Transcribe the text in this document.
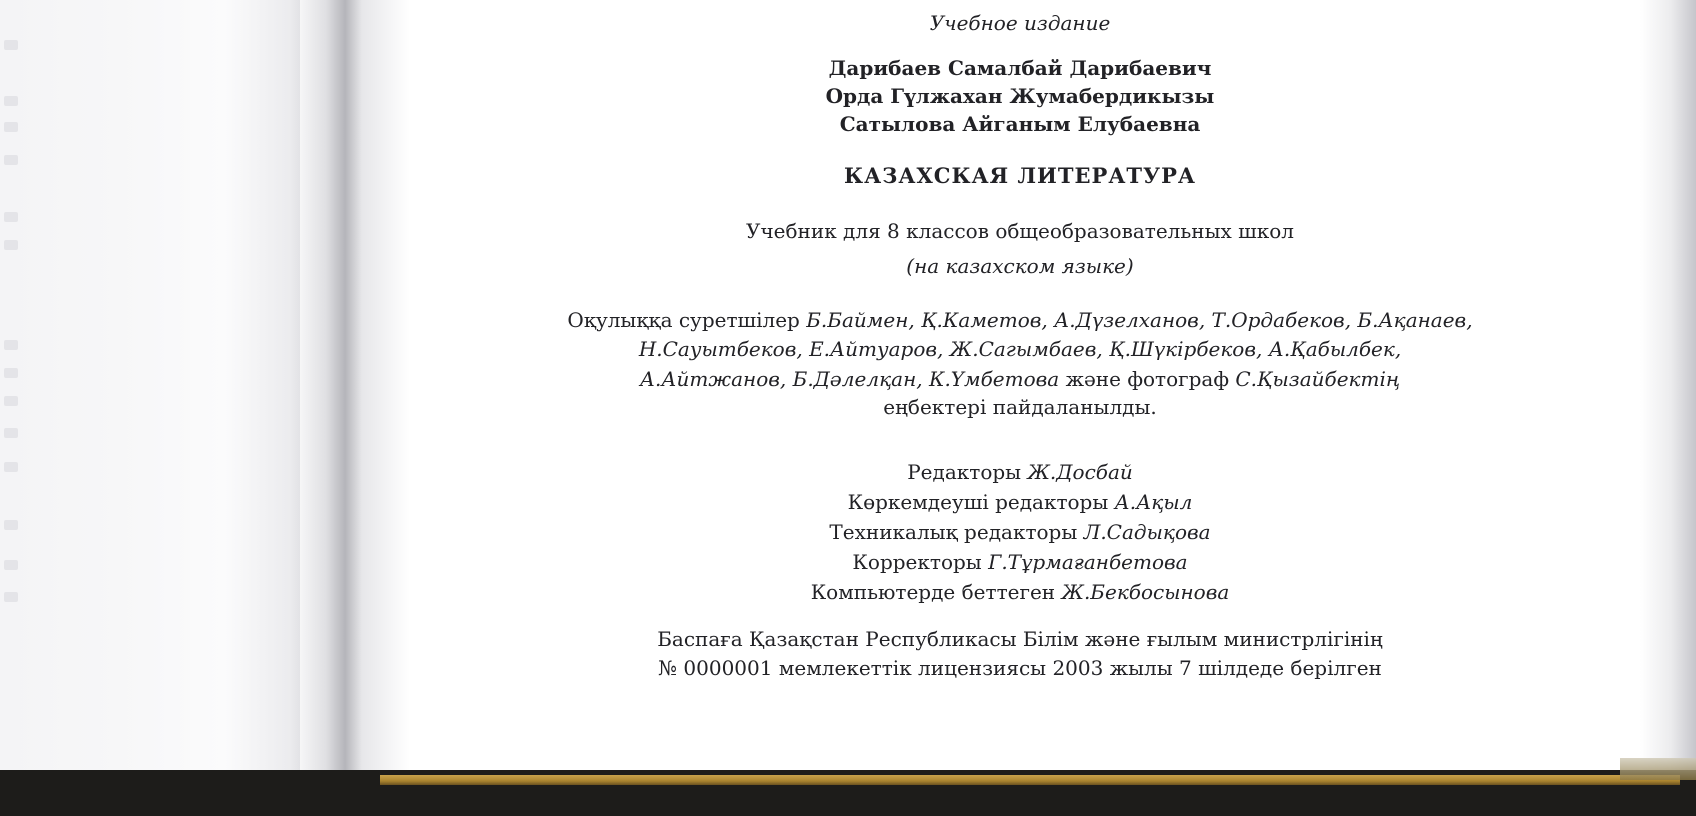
Учебное издание
Дарибаев Самалбай Дарибаевич
Орда Гүлжахан Жумабердикызы
Сатылова Айганым Елубаевна
КАЗАХСКАЯ ЛИТЕРАТУРА
Учебник для 8 классов общеобразовательных школ
(на казахском языке)
Оқулыққа суретшілер Б.Баймен, Қ.Каметов, А.Дүзелханов, Т.Ордабеков, Б.Ақанаев,
Н.Сауытбеков, Е.Айтуаров, Ж.Сагымбаев, Қ.Шүкірбеков, А.Қабылбек,
А.Айтжанов, Б.Дәлелқан, К.Үмбетова және фотограф С.Қызайбектің
еңбектері пайдаланылды.
Редакторы Ж.Досбай
Көркемдеуші редакторы А.Ақыл
Техникалық редакторы Л.Садықова
Корректоры Г.Тұрмағанбетова
Компьютерде беттеген Ж.Бекбосынова
Баспаға Қазақстан Республикасы Білім және ғылым министрлігінің
№ 0000001 мемлекеттік лицензиясы 2003 жылы 7 шілдеде берілген
